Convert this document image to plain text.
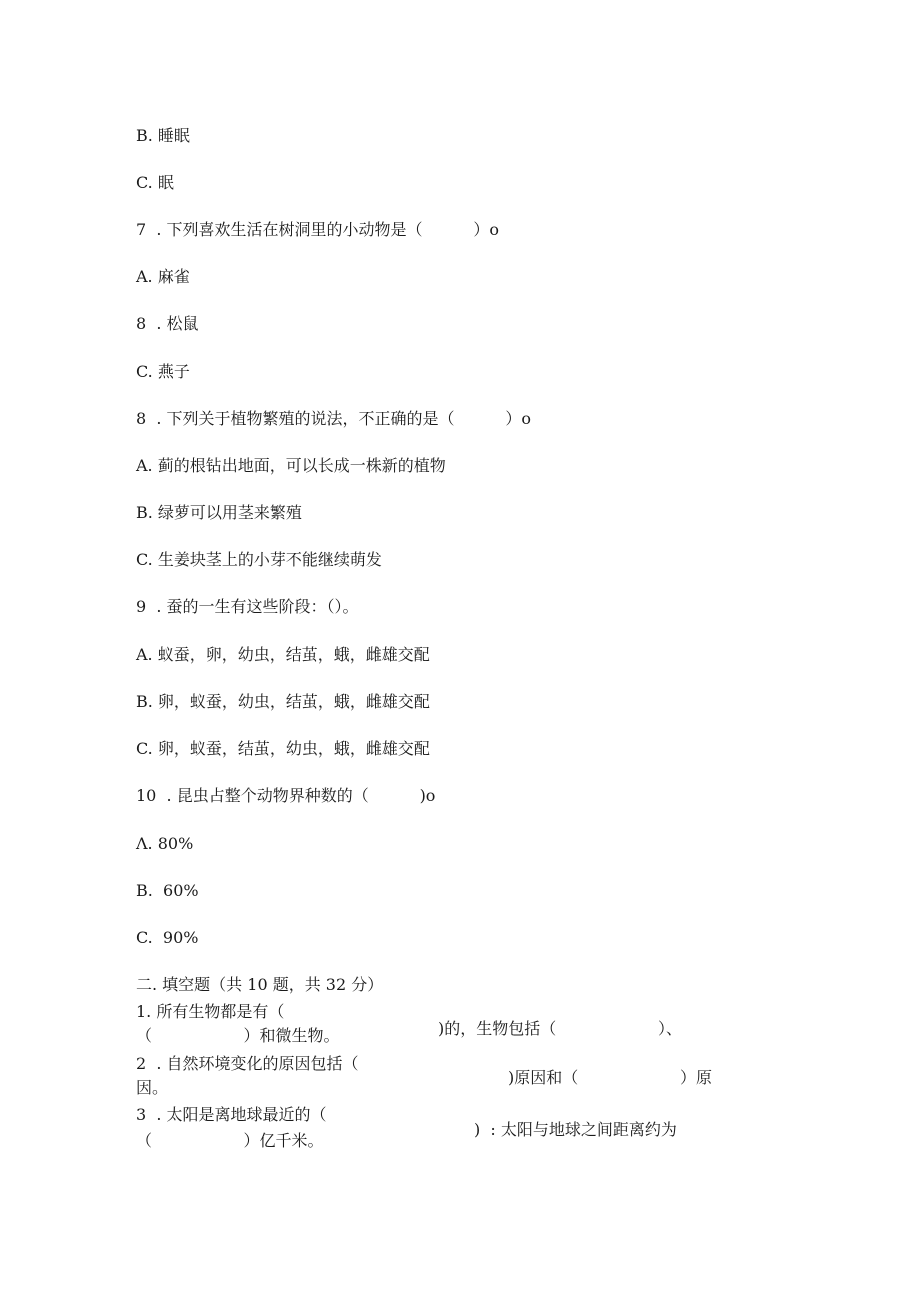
B. 睡眠
C. 眠
7  . 下列喜欢生活在树洞里的小动物是（          ）o
A. 麻雀
8  . 松鼠
C. 燕子
8  . 下列关于植物繁殖的说法，不正确的是（          ）o
A. 蓟的根钻出地面，可以长成一株新的植物
B. 绿萝可以用茎来繁殖
C. 生姜块茎上的小芽不能继续萌发
9  . 蚕的一生有这些阶段：（）。
A. 蚁蚕，卵，幼虫，结茧，蛾，雌雄交配
B. 卵，蚁蚕，幼虫，结茧，蛾，雌雄交配
C. 卵，蚁蚕，结茧，幼虫，蛾，雌雄交配
10  . 昆虫占整个动物界种数的（          )o
Λ. 80%
B.  60%
C.  90%
二. 填空题（共 10 题，共 32 分）
1. 所有生物都是有（
)的，生物包括（                    ）、
（                  ）和微生物。
2  . 自然环境变化的原因包括（
)原因和（                    ）原
因。
3  . 太阳是离地球最近的（
)  : 太阳与地球之间距离约为
（                  ）亿千米。
